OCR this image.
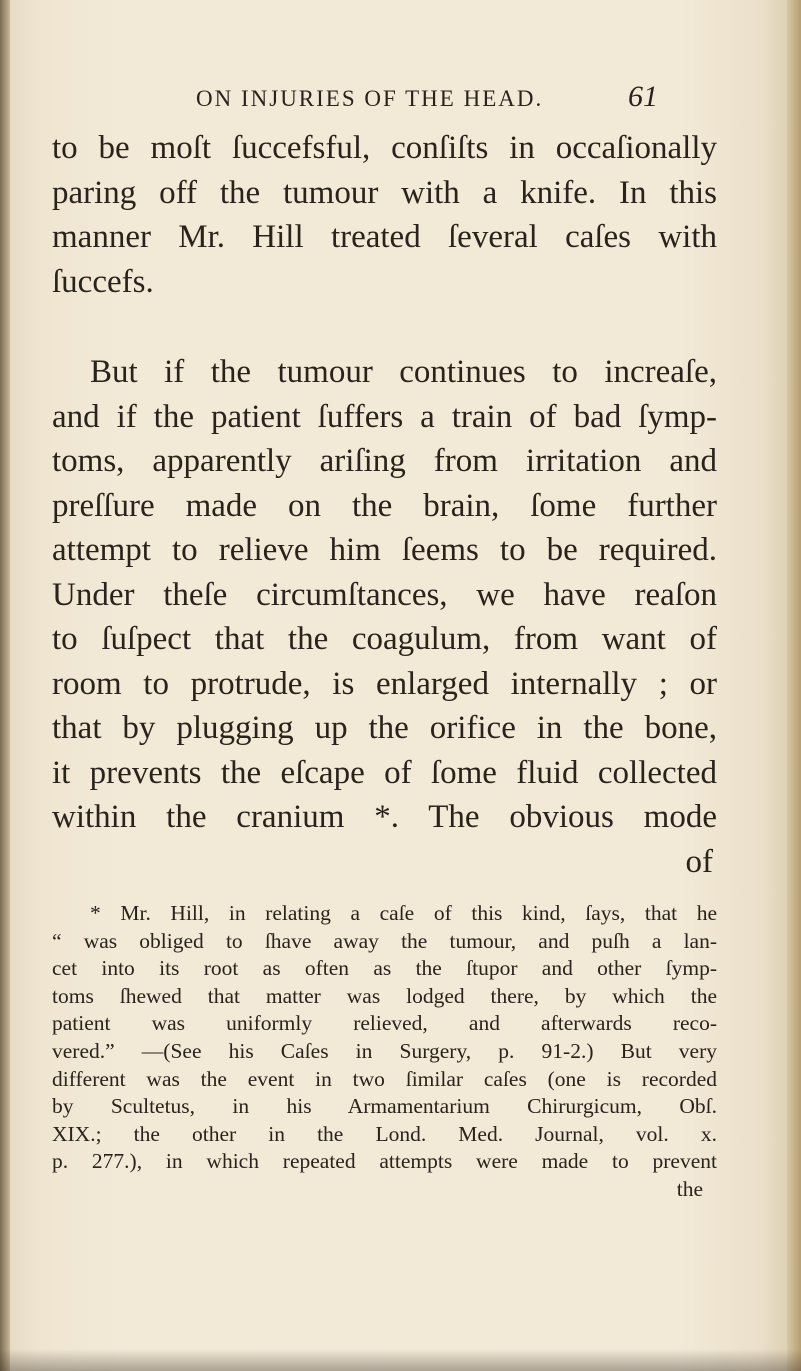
ON INJURIES OF THE HEAD.	61
to be moſt ſuccefsful, conſiſts in occaſionally
paring off the tumour with a knife. In this
manner Mr. Hill treated ſeveral caſes with
ſuccefs.
But if the tumour continues to increaſe,
and if the patient ſuffers a train of bad ſymp-
toms, apparently ariſing from irritation and
preſſure made on the brain, ſome further
attempt to relieve him ſeems to be required.
Under theſe circumſtances, we have reaſon
to ſuſpect that the coagulum, from want of
room to protrude, is enlarged internally ; or
that by plugging up the orifice in the bone,
it prevents the eſcape of ſome fluid collected
within the cranium *. The obvious mode
of
* Mr. Hill, in relating a caſe of this kind, ſays, that he
“ was obliged to ſhave away the tumour, and puſh a lan-
cet into its root as often as the ſtupor and other ſymp-
toms ſhewed that matter was lodged there, by which the
patient was uniformly relieved, and afterwards reco-
vered.” —(See his Caſes in Surgery, p. 91-2.) But very
different was the event in two ſimilar caſes (one is recorded
by Scultetus, in his Armamentarium Chirurgicum, Obſ.
XIX.; the other in the Lond. Med. Journal, vol. x.
p. 277.), in which repeated attempts were made to prevent
the
